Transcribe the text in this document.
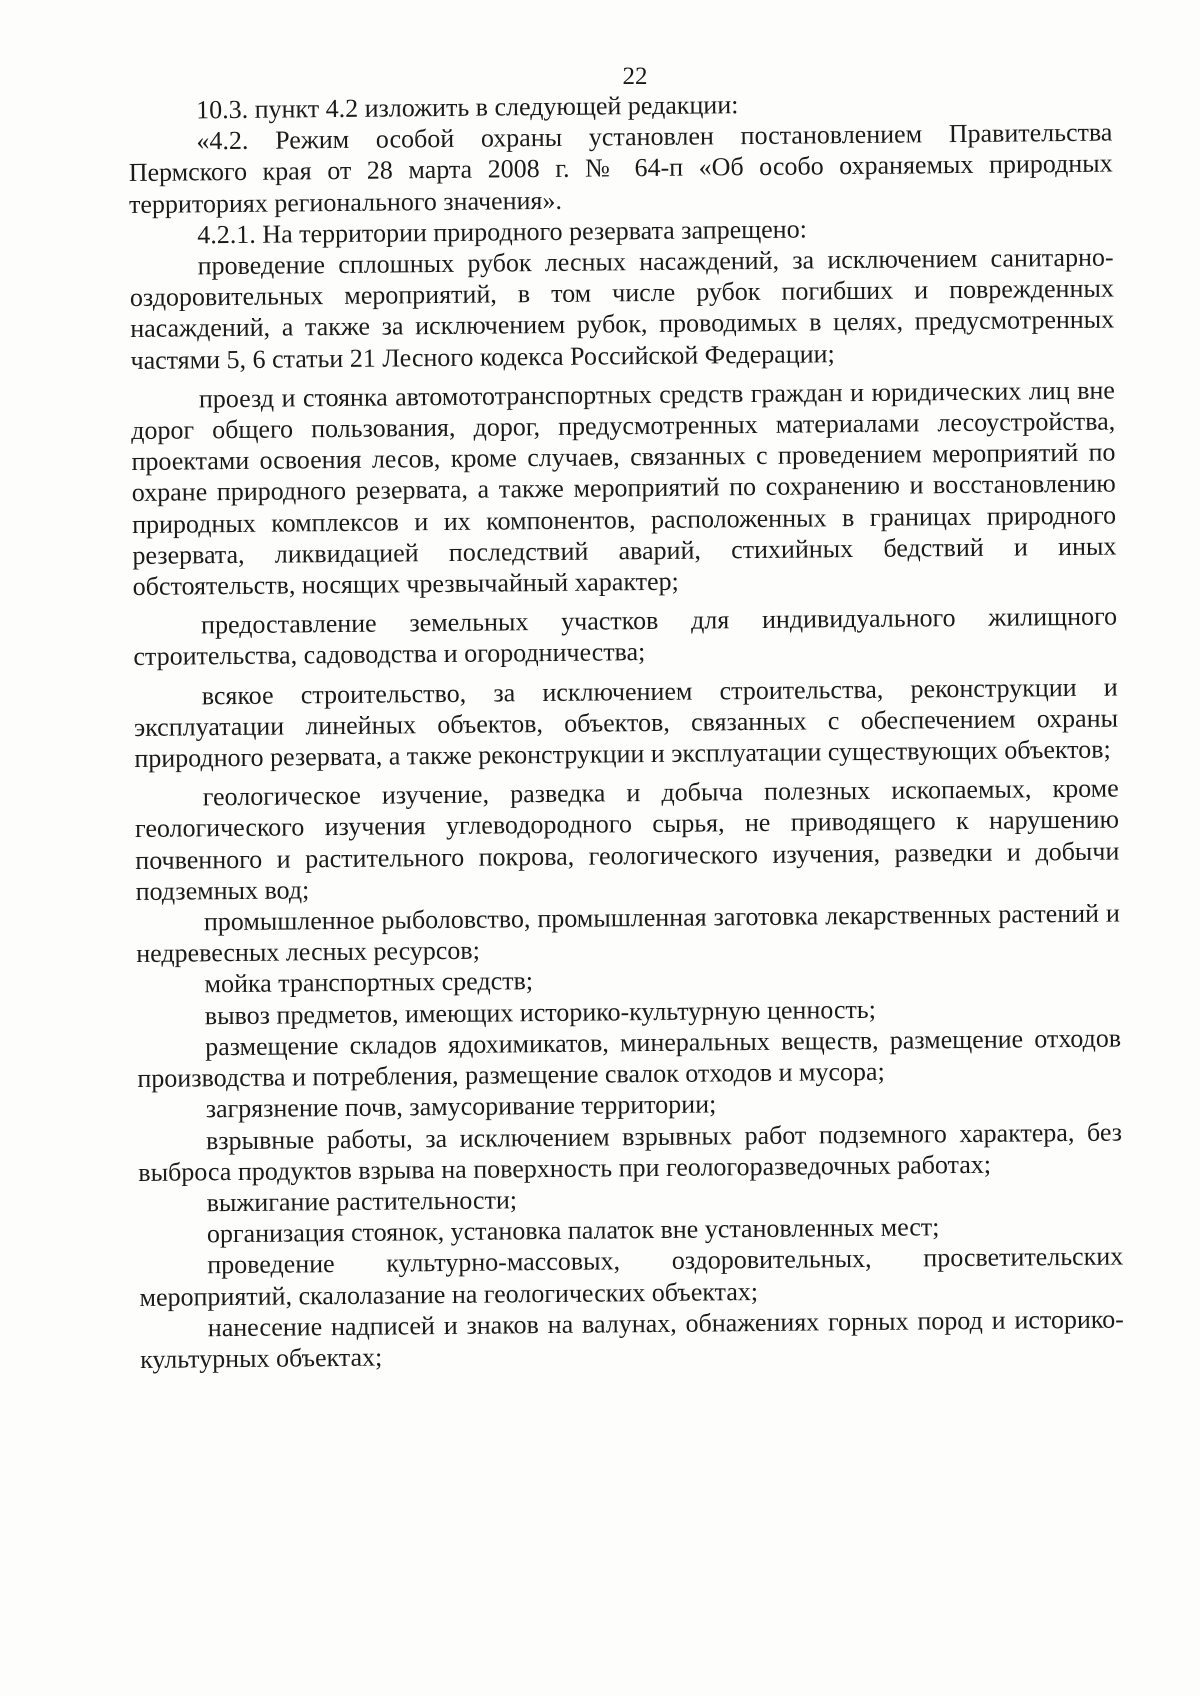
22

10.3. пункт 4.2 изложить в следующей редакции:

«4.2. Режим особой охраны установлен постановлением Правительства Пермского края от 28 марта 2008 г. № 64-п «Об особо охраняемых природных территориях регионального значения».

4.2.1. На территории природного резервата запрещено:

проведение сплошных рубок лесных насаждений, за исключением санитарно-оздоровительных мероприятий, в том числе рубок погибших и поврежденных насаждений, а также за исключением рубок, проводимых в целях, предусмотренных частями 5, 6 статьи 21 Лесного кодекса Российской Федерации;

проезд и стоянка автомототранспортных средств граждан и юридических лиц вне дорог общего пользования, дорог, предусмотренных материалами лесоустройства, проектами освоения лесов, кроме случаев, связанных с проведением мероприятий по охране природного резервата, а также мероприятий по сохранению и восстановлению природных комплексов и их компонентов, расположенных в границах природного резервата, ликвидацией последствий аварий, стихийных бедствий и иных обстоятельств, носящих чрезвычайный характер;

предоставление земельных участков для индивидуального жилищного строительства, садоводства и огородничества;

всякое строительство, за исключением строительства, реконструкции и эксплуатации линейных объектов, объектов, связанных с обеспечением охраны природного резервата, а также реконструкции и эксплуатации существующих объектов;

геологическое изучение, разведка и добыча полезных ископаемых, кроме геологического изучения углеводородного сырья, не приводящего к нарушению почвенного и растительного покрова, геологического изучения, разведки и добычи подземных вод;

промышленное рыболовство, промышленная заготовка лекарственных растений и недревесных лесных ресурсов;

мойка транспортных средств;

вывоз предметов, имеющих историко-культурную ценность;

размещение складов ядохимикатов, минеральных веществ, размещение отходов производства и потребления, размещение свалок отходов и мусора;

загрязнение почв, замусоривание территории;

взрывные работы, за исключением взрывных работ подземного характера, без выброса продуктов взрыва на поверхность при геологоразведочных работах;

выжигание растительности;

организация стоянок, установка палаток вне установленных мест;

проведение культурно-массовых, оздоровительных, просветительских мероприятий, скалолазание на геологических объектах;

нанесение надписей и знаков на валунах, обнажениях горных пород и историко-культурных объектах;
